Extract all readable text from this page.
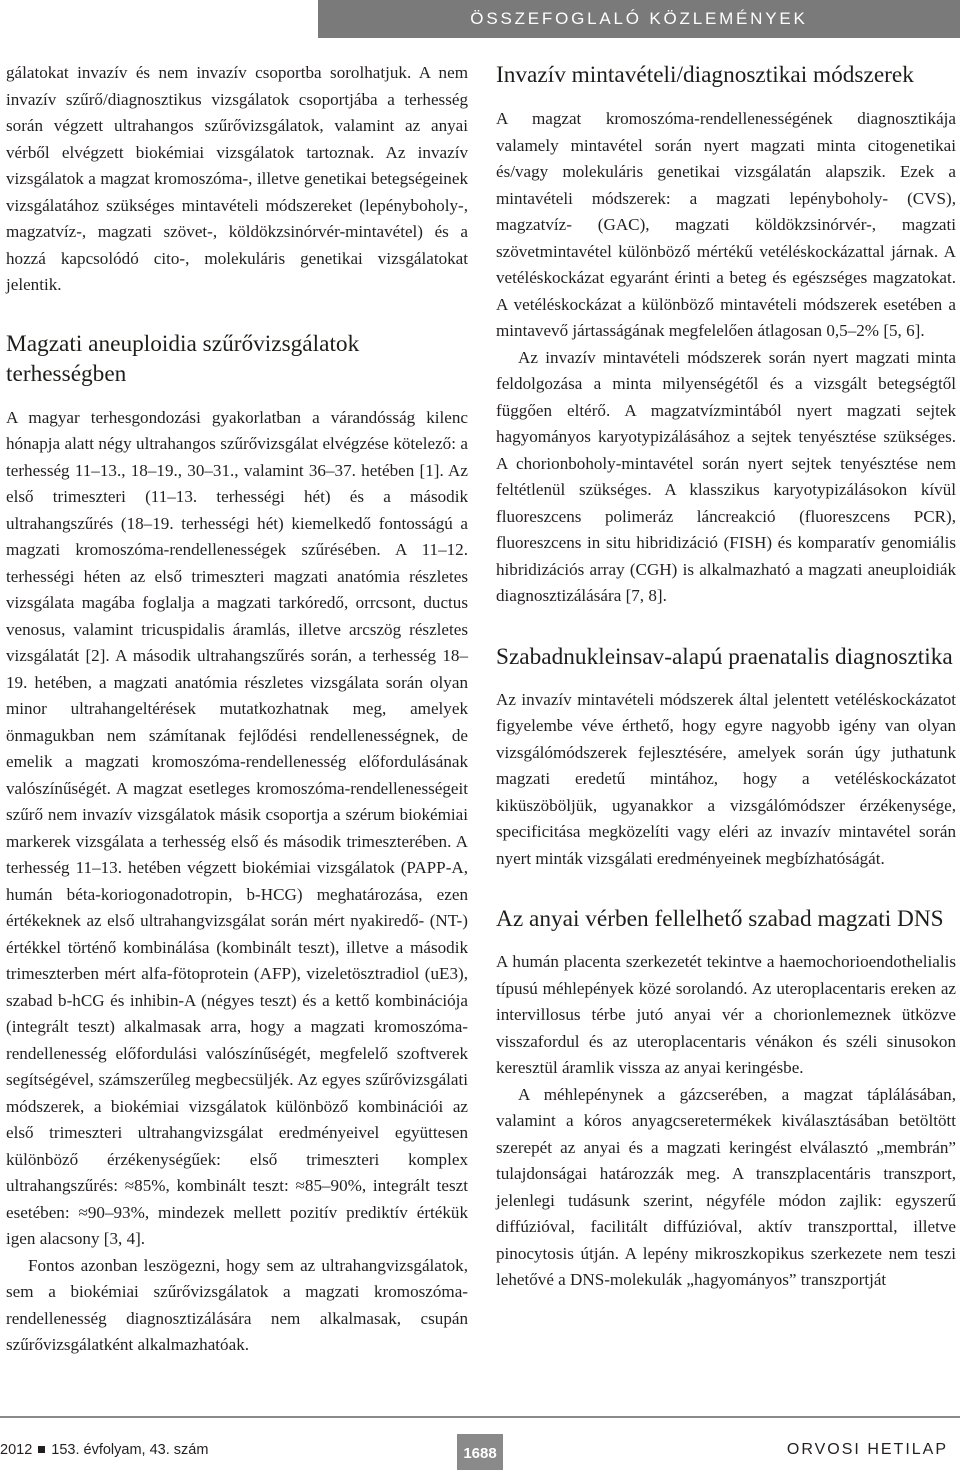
ÖSSZEFOGLALÓ KÖZLEMÉNYEK

gálatokat invazív és nem invazív csoportba sorolhatjuk. A nem invazív szűrő/diagnosztikus vizsgálatok csoportjába a terhesség során végzett ultrahangos szűrővizsgálatok, valamint az anyai vérből elvégzett biokémiai vizsgálatok tartoznak. Az invazív vizsgálatok a magzat kromoszóma-, illetve genetikai betegségeinek vizsgálatához szükséges mintavételi módszereket (lepényboholy-, magzatvíz-, magzati szövet-, köldökzsinórvér-mintavétel) és a hozzá kapcsolódó cito-, molekuláris genetikai vizsgálatokat jelentik.

Magzati aneuploidia szűrővizsgálatok terhességben

A magyar terhesgondozási gyakorlatban a várandósság kilenc hónapja alatt négy ultrahangos szűrővizsgálat elvégzése kötelező: a terhesség 11–13., 18–19., 30–31., valamint 36–37. hetében [1]. Az első trimeszteri (11–13. terhességi hét) és a második ultrahangszűrés (18–19. terhességi hét) kiemelkedő fontosságú a magzati kromoszóma-rendellenességek szűrésében. A 11–12. terhességi héten az első trimeszteri magzati anatómia részletes vizsgálata magába foglalja a magzati tarkóredő, orrcsont, ductus venosus, valamint tricuspidalis áramlás, illetve arcszög részletes vizsgálatát [2]. A második ultrahangszűrés során, a terhesség 18–19. hetében, a magzati anatómia részletes vizsgálata során olyan minor ultrahangeltérések mutatkozhatnak meg, amelyek önmagukban nem számítanak fejlődési rendellenességnek, de emelik a magzati kromoszóma-rendellenesség előfordulásának valószínűségét. A magzat esetleges kromoszóma-rendellenességeit szűrő nem invazív vizsgálatok másik csoportja a szérum biokémiai markerek vizsgálata a terhesség első és második trimeszterében. A terhesség 11–13. hetében végzett biokémiai vizsgálatok (PAPP-A, humán béta-koriogonadotropin, b-HCG) meghatározása, ezen értékeknek az első ultrahangvizsgálat során mért nyakiredő- (NT-) értékkel történő kombinálása (kombinált teszt), illetve a második trimeszterben mért alfa-fötoprotein (AFP), vizeletösztradiol (uE3), szabad b-hCG és inhibin-A (négyes teszt) és a kettő kombinációja (integrált teszt) alkalmasak arra, hogy a magzati kromoszóma-rendellenesség előfordulási valószínűségét, megfelelő szoftverek segítségével, számszerűleg megbecsüljék. Az egyes szűrővizsgálati módszerek, a biokémiai vizsgálatok különböző kombinációi az első trimeszteri ultrahangvizsgálat eredményeivel együttesen különböző érzékenységűek: első trimeszteri komplex ultrahangszűrés: ≈85%, kombinált teszt: ≈85–90%, integrált teszt esetében: ≈90–93%, mindezek mellett pozitív prediktív értékük igen alacsony [3, 4].

Fontos azonban leszögezni, hogy sem az ultrahangvizsgálatok, sem a biokémiai szűrővizsgálatok a magzati kromoszóma-rendellenesség diagnosztizálására nem alkalmasak, csupán szűrővizsgálatként alkalmazhatóak.

Invazív mintavételi/diagnosztikai módszerek

A magzat kromoszóma-rendellenességének diagnosztikája valamely mintavétel során nyert magzati minta citogenetikai és/vagy molekuláris genetikai vizsgálatán alapszik. Ezek a mintavételi módszerek: a magzati lepényboholy- (CVS), magzatvíz- (GAC), magzati köldökzsinórvér-, magzati szövetmintavétel különböző mértékű vetéléskockázattal járnak. A vetéléskockázat egyaránt érinti a beteg és egészséges magzatokat. A vetéléskockázat a különböző mintavételi módszerek esetében a mintavevő jártasságának megfelelően átlagosan 0,5–2% [5, 6].

Az invazív mintavételi módszerek során nyert magzati minta feldolgozása a minta milyenségétől és a vizsgált betegségtől függően eltérő. A magzatvízmintából nyert magzati sejtek hagyományos karyotypizálásához a sejtek tenyésztése szükséges. A chorionboholy-mintavétel során nyert sejtek tenyésztése nem feltétlenül szükséges. A klasszikus karyotypizálásokon kívül fluoreszcens polimeráz láncreakció (fluoreszcens PCR), fluoreszcens in situ hibridizáció (FISH) és komparatív genomiális hibridizációs array (CGH) is alkalmazható a magzati aneuploidiák diagnosztizálására [7, 8].

Szabadnukleinsav-alapú praenatalis diagnosztika

Az invazív mintavételi módszerek által jelentett vetéléskockázatot figyelembe véve érthető, hogy egyre nagyobb igény van olyan vizsgálómódszerek fejlesztésére, amelyek során úgy juthatunk magzati eredetű mintához, hogy a vetéléskockázatot kiküszöböljük, ugyanakkor a vizsgálómódszer érzékenysége, specificitása megközelíti vagy eléri az invazív mintavétel során nyert minták vizsgálati eredményeinek megbízhatóságát.

Az anyai vérben fellelhető szabad magzati DNS

A humán placenta szerkezetét tekintve a haemochorioendothelialis típusú méhlepények közé sorolandó. Az uteroplacentaris ereken az intervillosus térbe jutó anyai vér a chorionlemeznek ütközve visszafordul és az uteroplacentaris vénákon és széli sinusokon keresztül áramlik vissza az anyai keringésbe.

A méhlepénynek a gázcserében, a magzat táplálásában, valamint a kóros anyagcseretermékek kiválasztásában betöltött szerepét az anyai és a magzati keringést elválasztó „membrán” tulajdonságai határozzák meg. A transzplacentáris transzport, jelenlegi tudásunk szerint, négyféle módon zajlik: egyszerű diffúzióval, facilitált diffúzióval, aktív transzporttal, illetve pinocytosis útján. A lepény mikroszkopikus szerkezete nem teszi lehetővé a DNS-molekulák „hagyományos” transzportját

2012 153. évfolyam, 43. szám	1688	ORVOSI HETILAP
